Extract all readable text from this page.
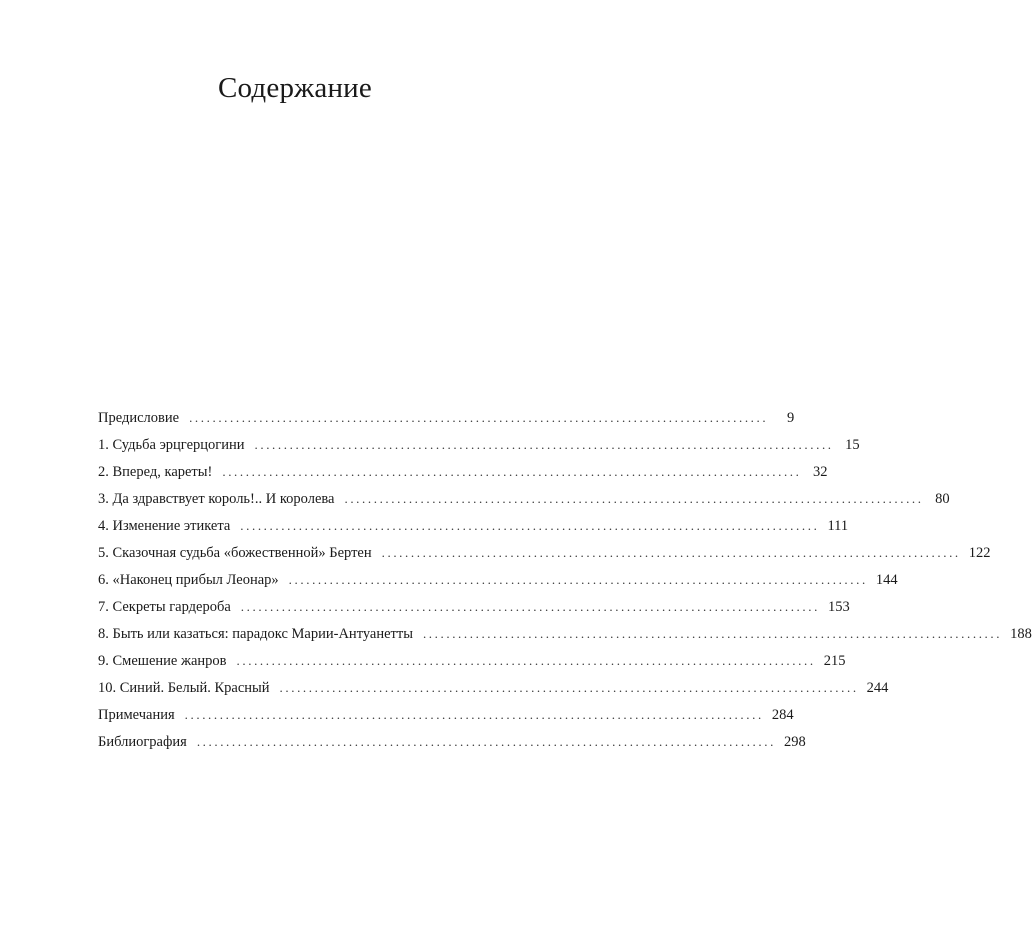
Содержание
Предисловие ...................................................................................................	9
1. Судьба эрцгерцогини ................................................................................................... 15
2. Вперед, кареты! ................................................................................................... 32
3. Да здравствует король!.. И королева ................................................................................................... 80
4. Изменение этикета ................................................................................................... 111
5. Сказочная судьба «божественной» Бертен ................................................................................................... 122
6. «Наконец прибыл Леонар» ................................................................................................... 144
7. Секреты гардероба ................................................................................................... 153
8. Быть или казаться: парадокс Марии-Антуанетты ................................................................................................... 188
9. Смешение жанров ................................................................................................... 215
10. Синий. Белый. Красный ................................................................................................... 244
Примечания ................................................................................................... 284
Библиография ................................................................................................... 298
